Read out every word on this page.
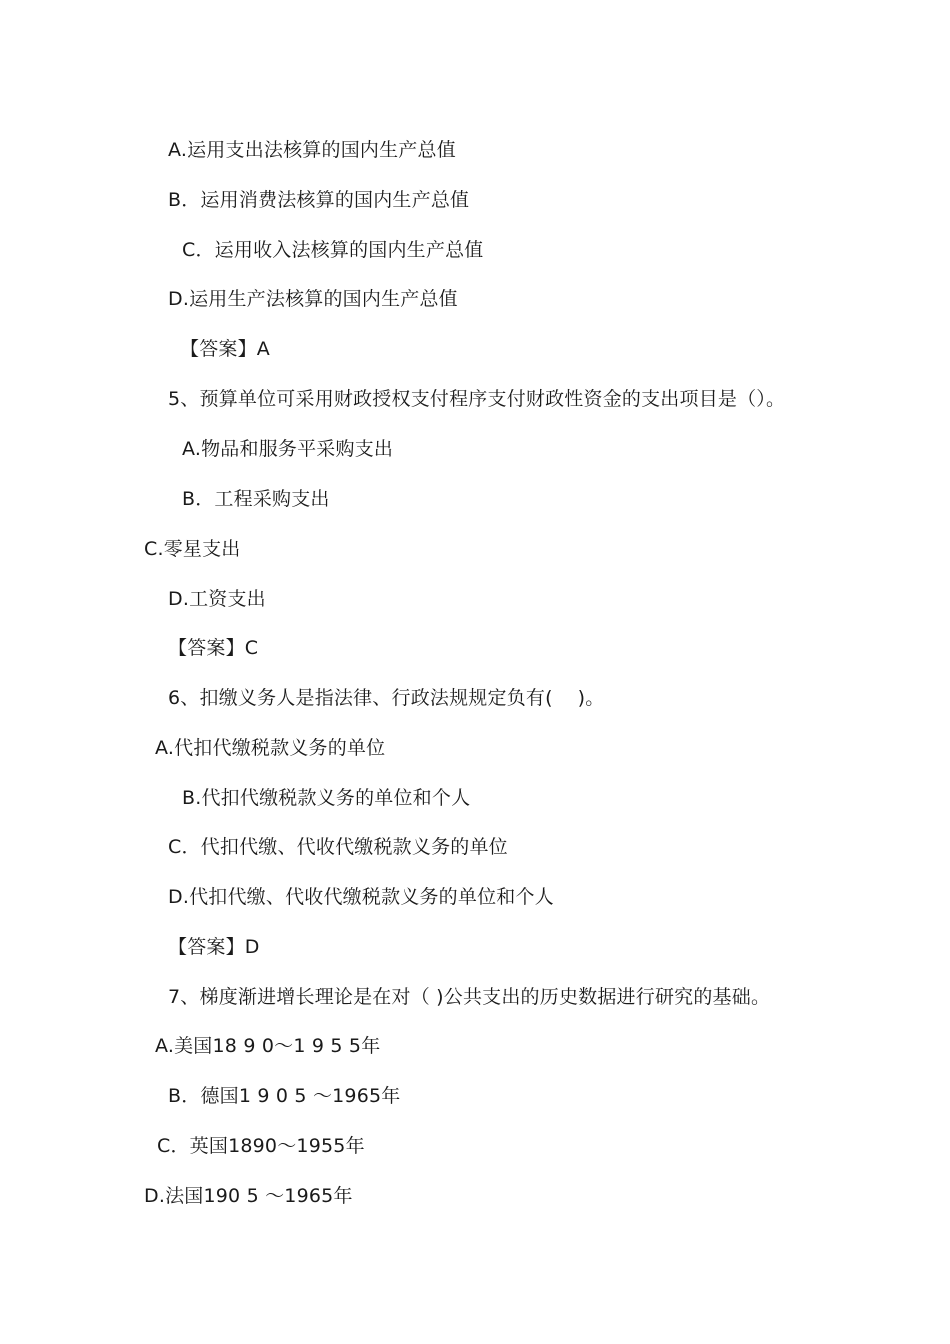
A.运用支出法核算的国内生产总值
B．运用消费法核算的国内生产总值
C．运用收入法核算的国内生产总值
D.运用生产法核算的国内生产总值
【答案】A
5、预算单位可采用财政授权支付程序支付财政性资金的支出项目是（）。
A.物品和服务平采购支出
B．工程采购支出
C.零星支出
D.工资支出
【答案】C
6、扣缴义务人是指法律、行政法规规定负有(    )。
A.代扣代缴税款义务的单位
B.代扣代缴税款义务的单位和个人
C．代扣代缴、代收代缴税款义务的单位
D.代扣代缴、代收代缴税款义务的单位和个人
【答案】D
7、梯度渐进增长理论是在对（ )公共支出的历史数据进行研究的基础。
A.美国18 9 0～1 9 5 5年
B．德国1 9 0 5 ～1965年
C．英国1890～1955年
D.法国190 5 ～1965年
